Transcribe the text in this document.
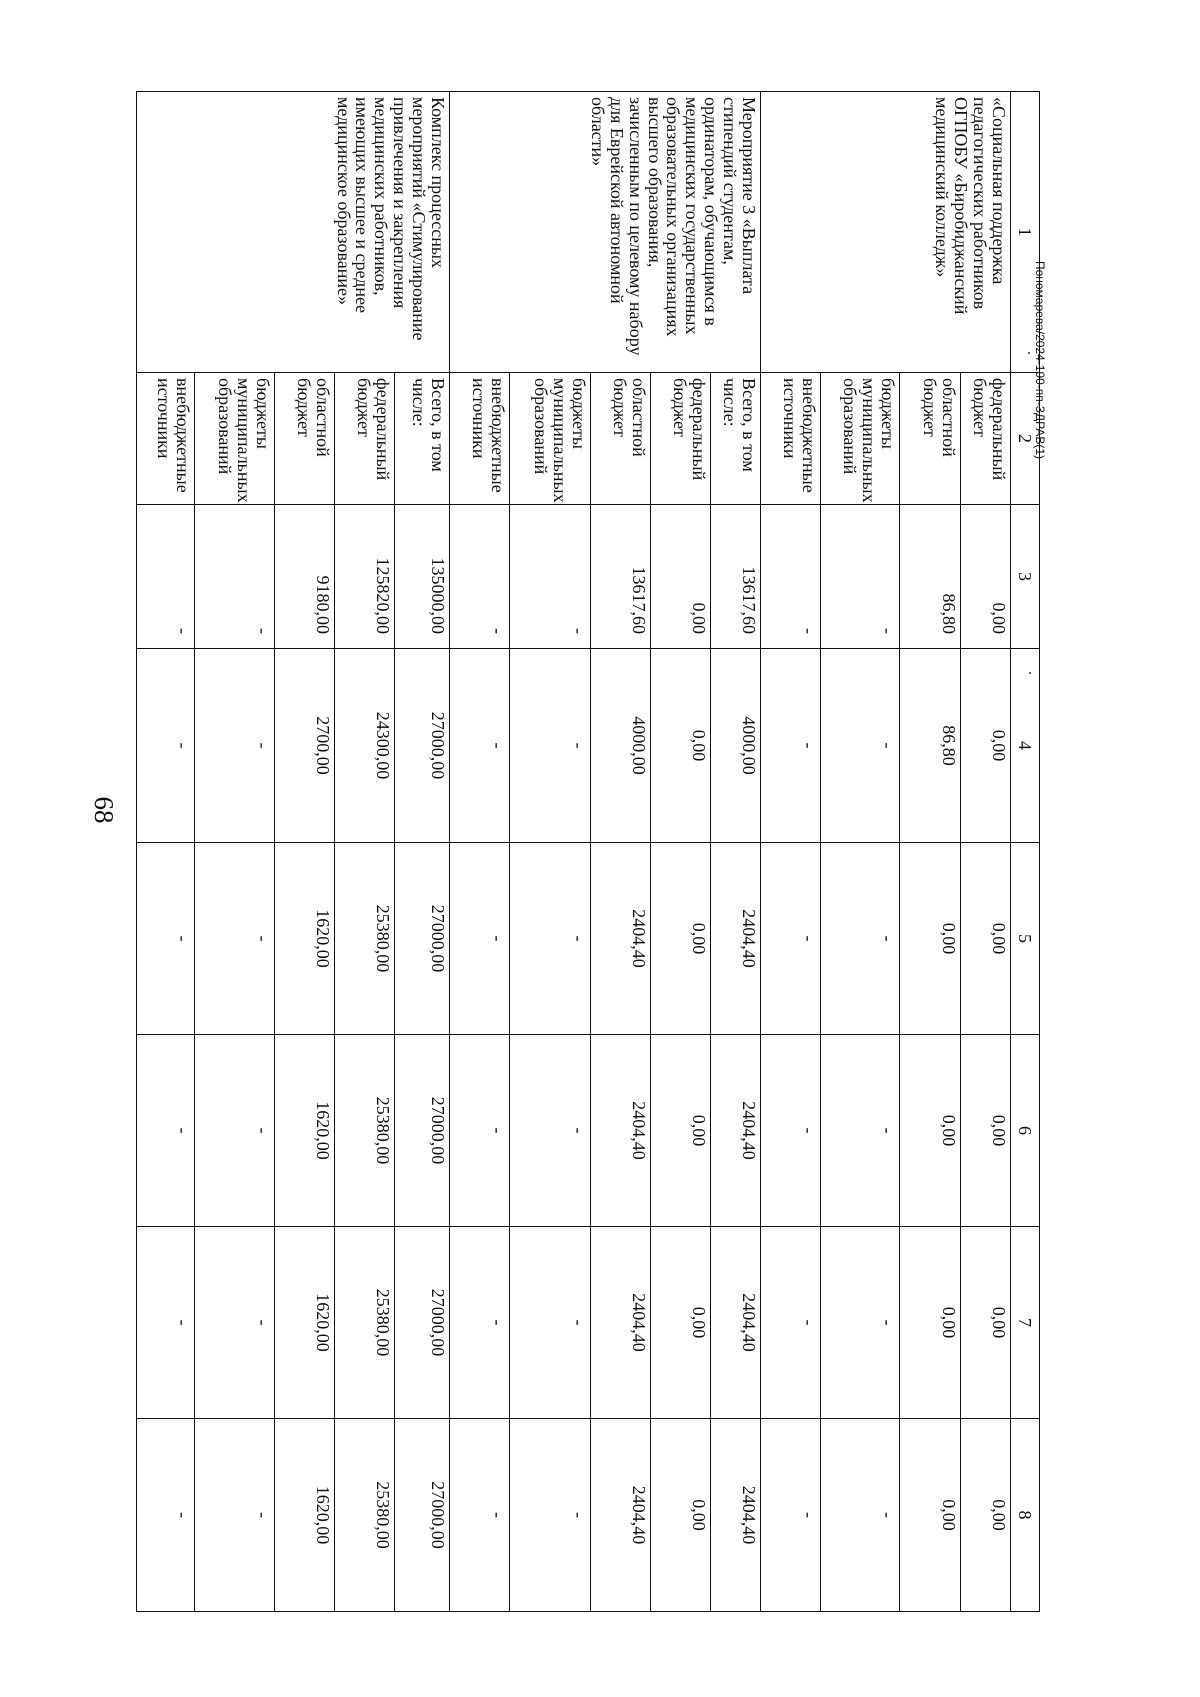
68
1	2	3	4	5	6	7	8
«Социальная поддержка педагогических работников ОГПОБУ «Биробиджанский медицинский колледж»	федеральный бюджет	0,00	0,00	0,00	0,00	0,00	0,00
	областной бюджет	86,80	86,80	0,00	0,00	0,00	0,00
	бюджеты муниципальных образований	-	-	-	-	-	-
	внебюджетные источники	-	-	-	-	-	-
Мероприятие 3 «Выплата стипендий студентам, ординаторам, обучающимся в медицинских государственных образовательных организациях высшего образования, зачисленным по целевому набору для Еврейской автономной области»	Всего, в том числе:	13617,60	4000,00	2404,40	2404,40	2404,40	2404,40
	федеральный бюджет	0,00	0,00	0,00	0,00	0,00	0,00
	областной бюджет	13617,60	4000,00	2404,40	2404,40	2404,40	2404,40
	бюджеты муниципальных образований	-	-	-	-	-	-
	внебюджетные источники	-	-	-	-	-	-
Комплекс процессных мероприятий «Стимулирование привлечения и закрепления медицинских работников, имеющих высшее и среднее медицинское образование»	Всего, в том числе:	135000,00	27000,00	27000,00	27000,00	27000,00	27000,00
	федеральный бюджет	125820,00	24300,00	25380,00	25380,00	25380,00	25380,00
	областной бюджет	9180,00	2700,00	1620,00	1620,00	1620,00	1620,00
	бюджеты муниципальных образований	-	-	-	-	-	-
	внебюджетные источники	-	-	-	-	-	-
Пономарева/2024-190-пп-ЗДРАВ(1)
